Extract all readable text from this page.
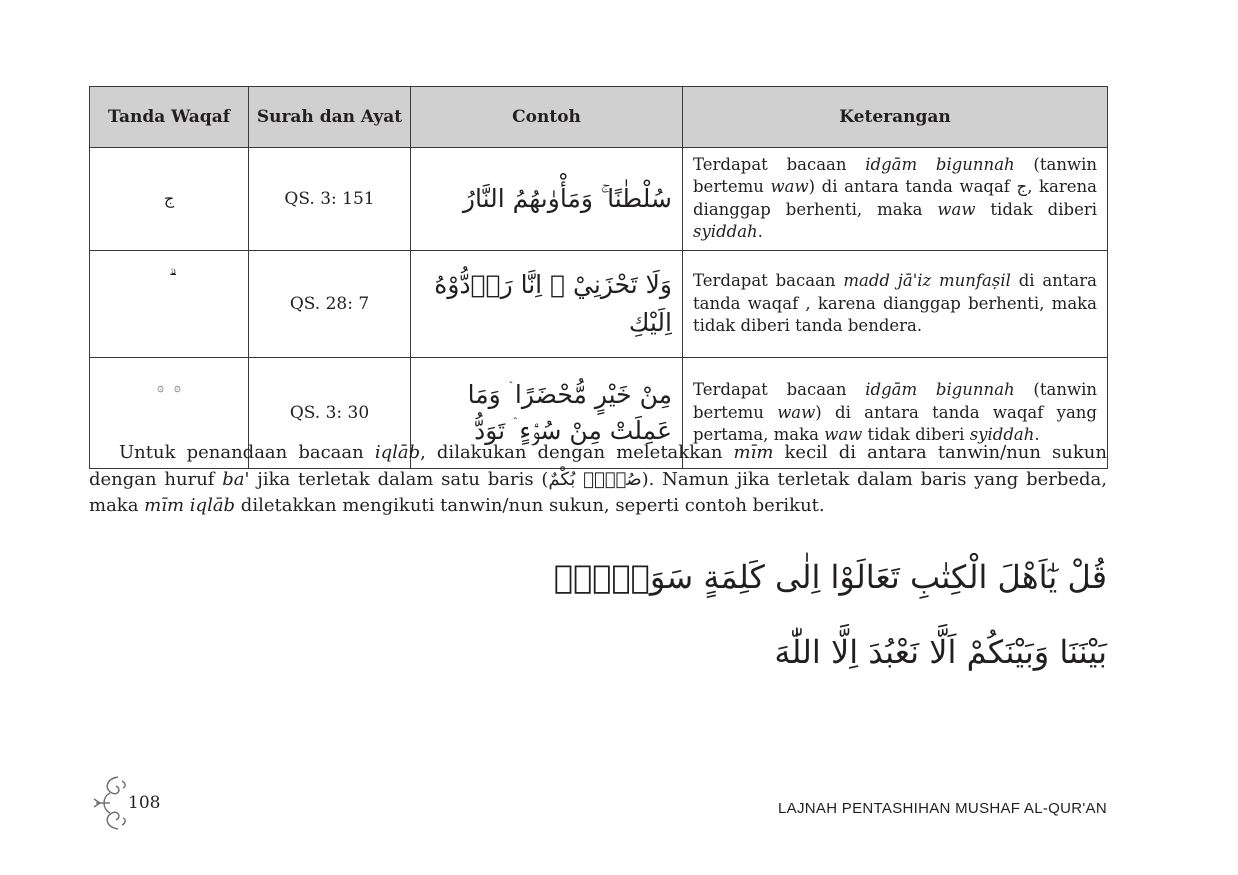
Tanda Waqaf	Surah dan Ayat	Contoh	Keterangan
ج	QS. 3: 151	سُلْطٰنًا ۚ وَمَأْوٰىهُمُ النَّارُ	Terdapat bacaan idgām bigunnah (tanwin bertemu waw) di antara tanda waqaf ج, karena dianggap berhenti, maka waw tidak diberi syiddah.
	QS. 28: 7	وَلَا تَحْزَنِيْ ۚ اِنَّا رَاۤدُّوْهُ اِلَيْكِ	Terdapat bacaan madd jā'iz munfaṣil di antara tanda waqaf , karena dianggap berhenti, maka tidak diberi tanda bendera.
۞ ۞	QS. 3: 30	مِنْ خَيْرٍ مُّحْضَرًا ۛ وَمَا عَمِلَتْ مِنْ سُوْۤءٍ ۛ تَوَدُّ	Terdapat bacaan idgām bigunnah (tanwin bertemu waw) di antara tanda waqaf yang pertama, maka waw tidak diberi syiddah.
Untuk penandaan bacaan iqlāb, dilakukan dengan meletakkan mīm kecil di antara tanwin/nun sukun dengan huruf ba' jika terletak dalam satu baris (صُمٌّۢ بُكْمٌ). Namun jika terletak dalam baris yang berbeda, maka mīm iqlāb diletakkan mengikuti tanwin/nun sukun, seperti contoh berikut.
قُلْ يٰٓاَهْلَ الْكِتٰبِ تَعَالَوْا اِلٰى كَلِمَةٍ سَوَاۤءٍۢ
بَيْنَنَا وَبَيْنَكُمْ اَلَّا نَعْبُدَ اِلَّا اللّٰهَ
108	LAJNAH PENTASHIHAN MUSHAF AL-QUR'AN
